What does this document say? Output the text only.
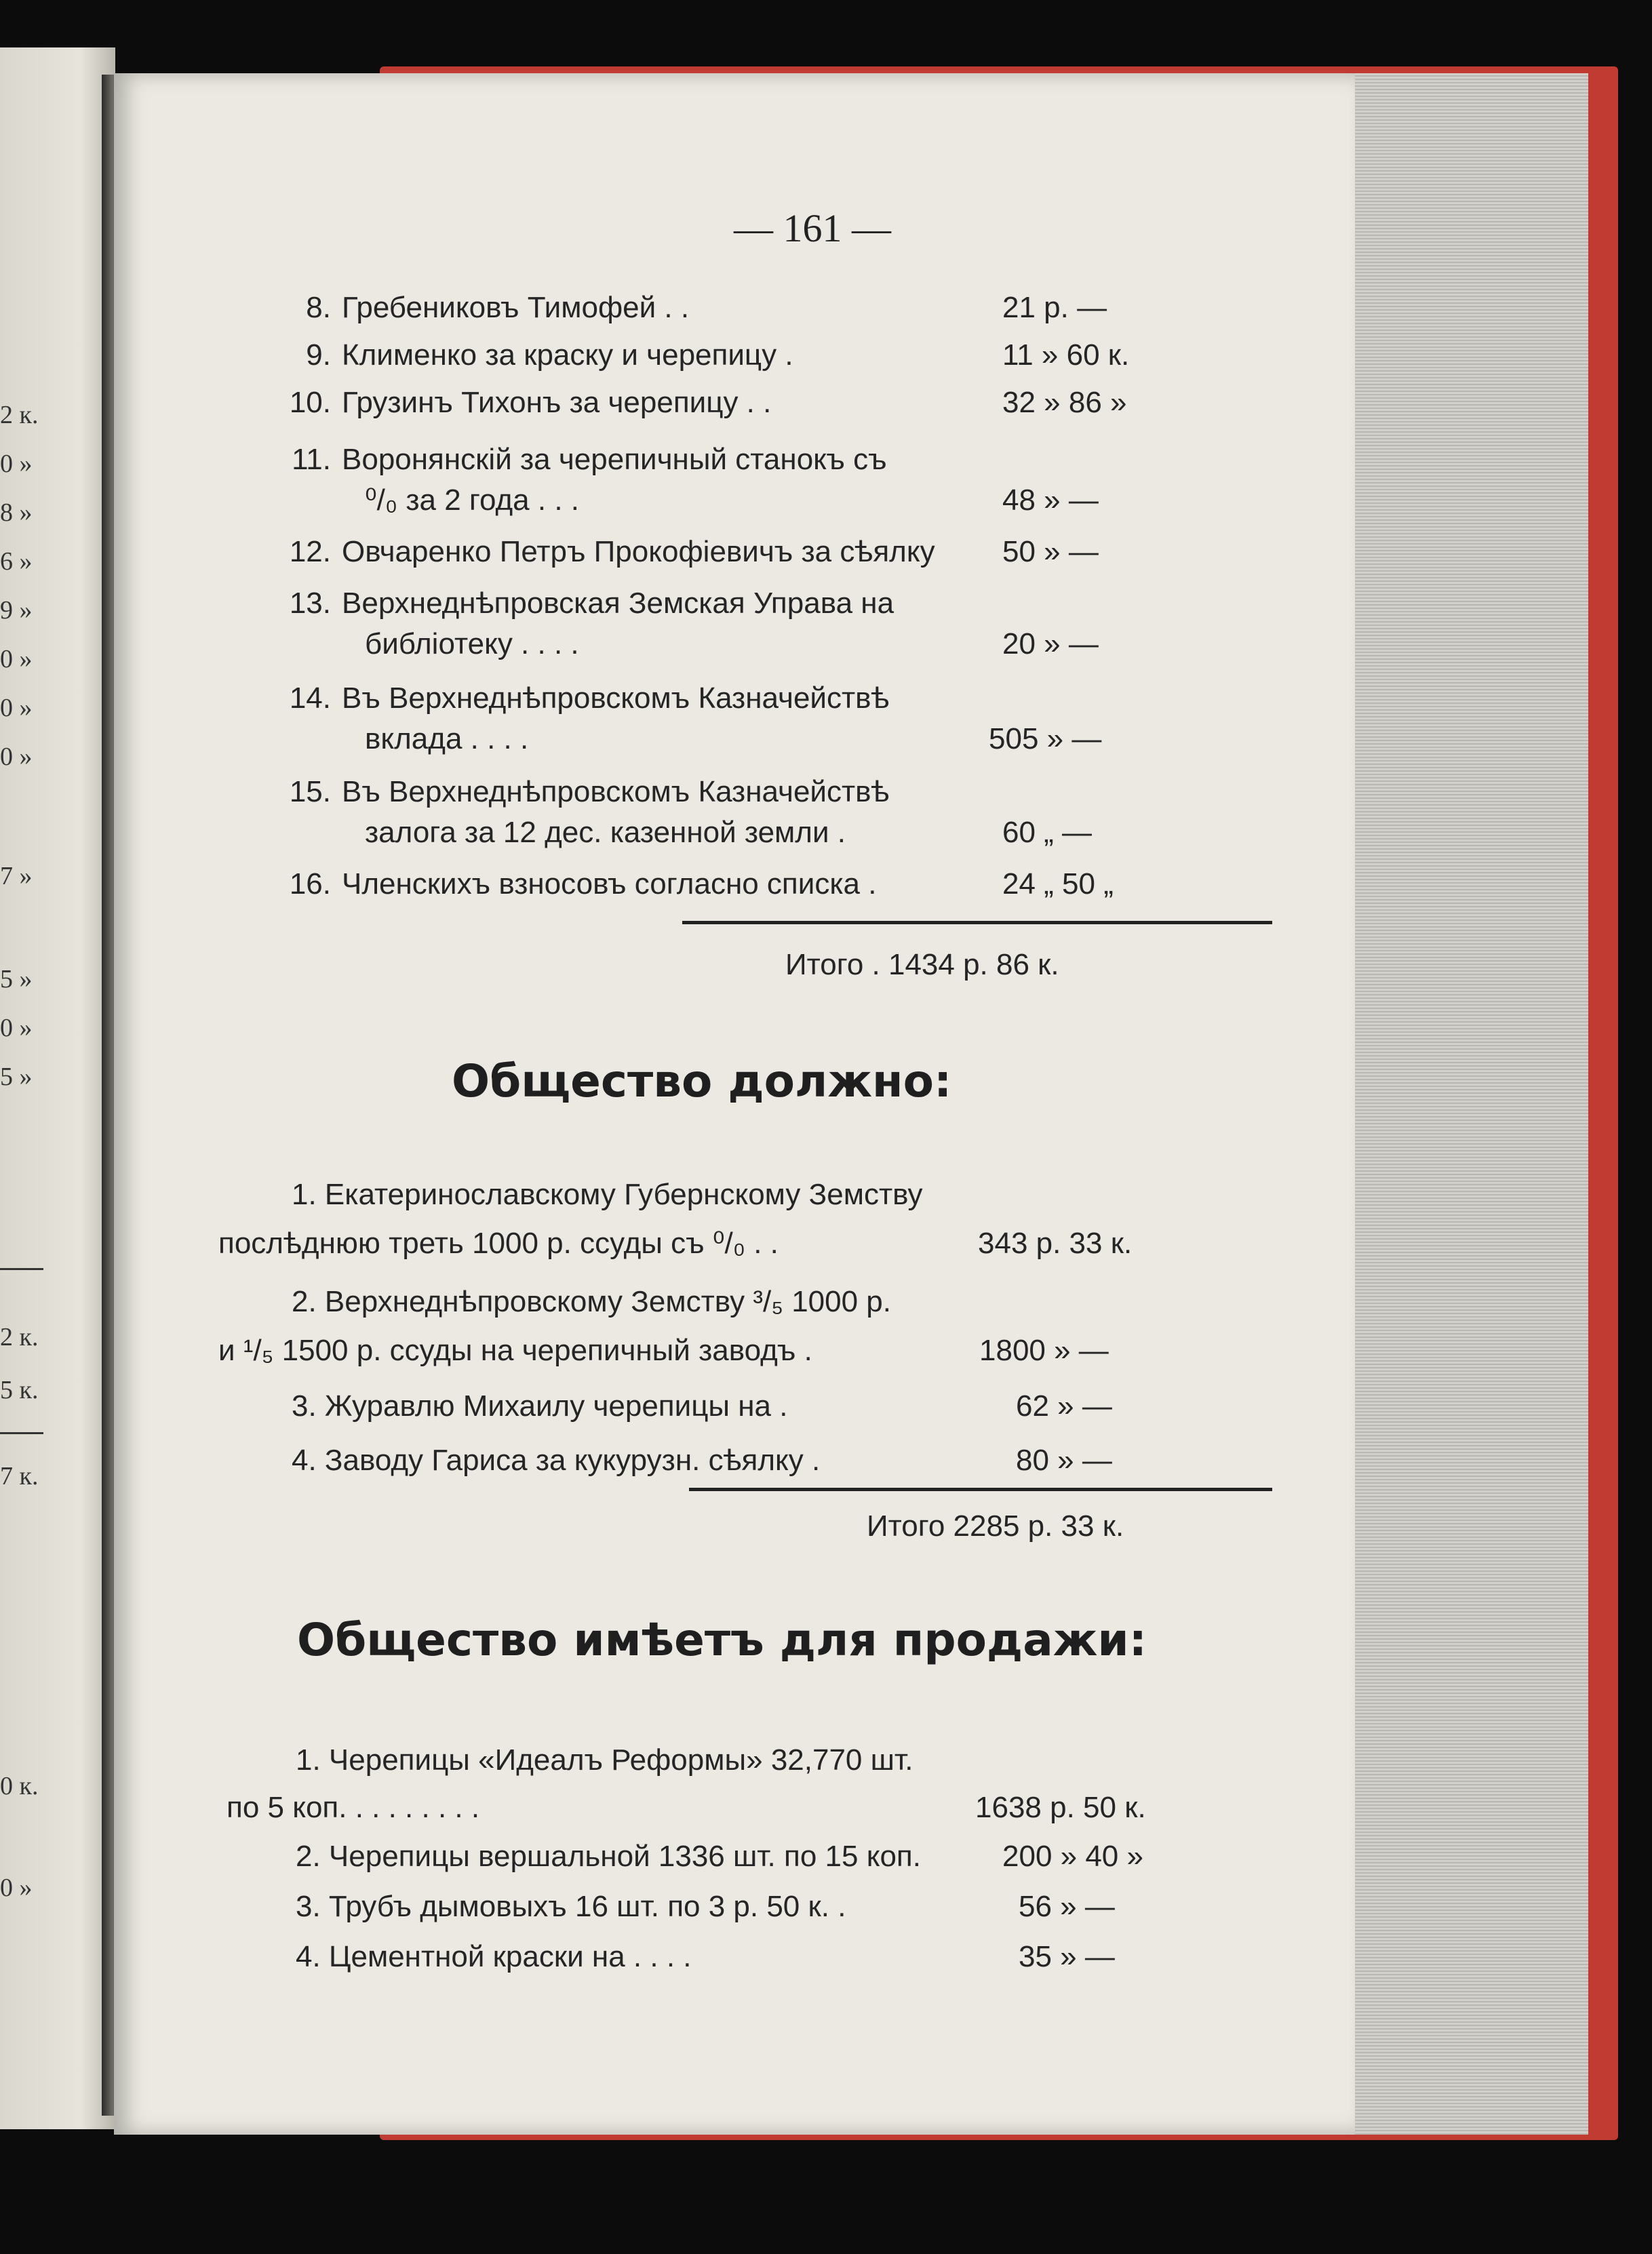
2 к.
0 »
8 »
6 »
9 »
0 »
0 »
0 »
7 »
5 »
0 »
5 »
2 к.
5 к.
7 к.
0 к.
0 »
— 161 —
8. Гребениковъ Тимофей . .	21 р. —
9. Клименко за краску и черепицу .	11 » 60 к.
10. Грузинъ Тихонъ за черепицу . .	32 » 86 »
11. Воронянскiй за черепичный станокъ съ
⁰/₀ за 2 года . . .	48 » —
12. Овчаренко Петръ Прокофiевичъ за сѣялку 50 » —
13. Верхнеднѣпровская Земская Управа на
библiотеку . . . .	20 » —
14. Въ Верхнеднѣпровскомъ Казначействѣ
вклада . . . .	505 » —
15. Въ Верхнеднѣпровскомъ Казначействѣ
залога за 12 дес. казенной земли .	60 „ —
16. Членскихъ взносовъ согласно списка .	24 „ 50 „
Итого . 1434 р. 86 к.
Общество должно:
1. Екатеринославскому Губернскому Земству
послѣднюю треть 1000 р. ссуды съ ⁰/₀ . .	343 р. 33 к.
2. Верхнеднѣпровскому Земству ³/₅ 1000 р.
и ¹/₅ 1500 р. ссуды на черепичный заводъ .	1800 » —
3. Журавлю Михаилу черепицы на .	62 » —
4. Заводу Гариса за кукурузн. сѣялку .	80 » —
Итого 2285 р. 33 к.
Общество имѣетъ для продажи:
1. Черепицы «Идеалъ Реформы» 32,770 шт.
по 5 коп. . . . . . . . .	1638 р. 50 к.
2. Черепицы вершальной 1336 шт. по 15 коп.	200 » 40 »
3. Трубъ дымовыхъ 16 шт. по 3 р. 50 к. .	56 » —
4. Цементной краски на . . . .	35 » —
